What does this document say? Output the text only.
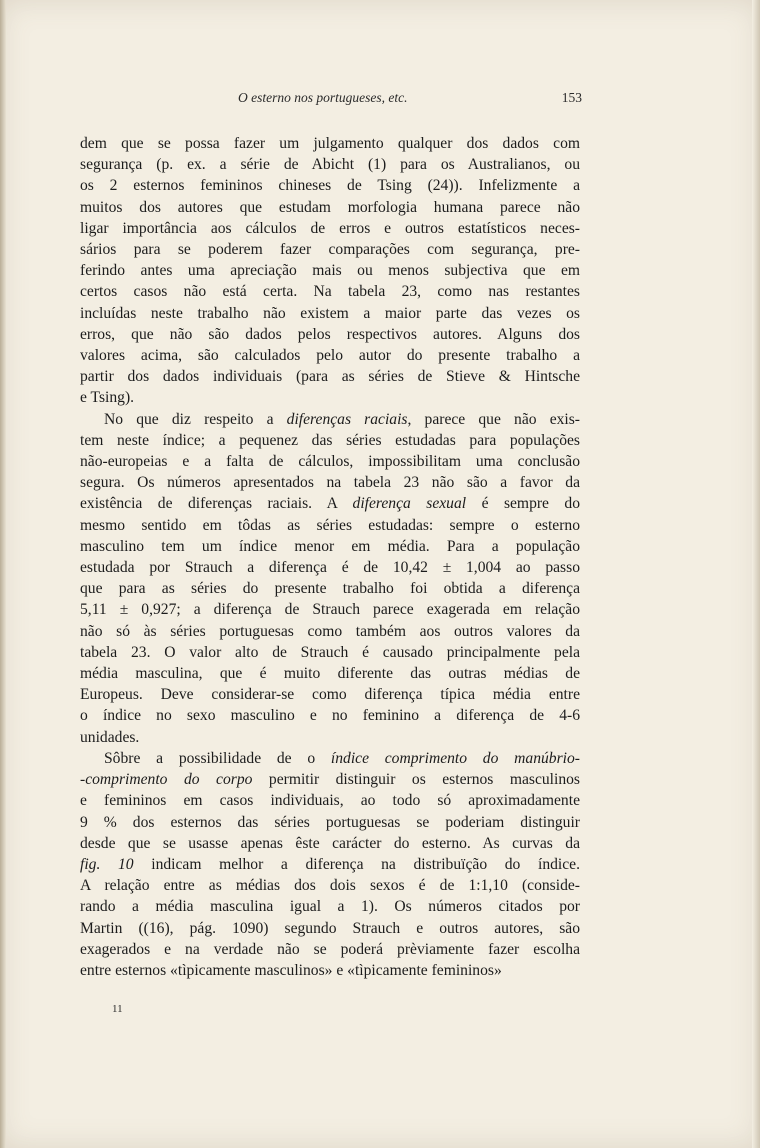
O esterno nos portugueses, etc.	153
dem que se possa fazer um julgamento qualquer dos dados com
segurança (p. ex. a série de Abicht (1) para os Australianos, ou
os 2 esternos femininos chineses de Tsing (24)). Infelizmente a
muitos dos autores que estudam morfologia humana parece não
ligar importância aos cálculos de erros e outros estatísticos neces-
sários para se poderem fazer comparações com segurança, pre-
ferindo antes uma apreciação mais ou menos subjectiva que em
certos casos não está certa. Na tabela 23, como nas restantes
incluídas neste trabalho não existem a maior parte das vezes os
erros, que não são dados pelos respectivos autores. Alguns dos
valores acima, são calculados pelo autor do presente trabalho a
partir dos dados individuais (para as séries de Stieve & Hintsche
e Tsing).
No que diz respeito a diferenças raciais, parece que não exis-
tem neste índice; a pequenez das séries estudadas para populações
não-europeias e a falta de cálculos, impossibilitam uma conclusão
segura. Os números apresentados na tabela 23 não são a favor da
existência de diferenças raciais. A diferença sexual é sempre do
mesmo sentido em tôdas as séries estudadas: sempre o esterno
masculino tem um índice menor em média. Para a população
estudada por Strauch a diferença é de 10,42 ± 1,004 ao passo
que para as séries do presente trabalho foi obtida a diferença
5,11 ± 0,927; a diferença de Strauch parece exagerada em relação
não só às séries portuguesas como também aos outros valores da
tabela 23. O valor alto de Strauch é causado principalmente pela
média masculina, que é muito diferente das outras médias de
Europeus. Deve considerar-se como diferença típica média entre
o índice no sexo masculino e no feminino a diferença de 4-6
unidades.
Sôbre a possibilidade de o índice comprimento do manúbrio-
-comprimento do corpo permitir distinguir os esternos masculinos
e femininos em casos individuais, ao todo só aproximadamente
9 % dos esternos das séries portuguesas se poderiam distinguir
desde que se usasse apenas êste carácter do esterno. As curvas da
fig. 10 indicam melhor a diferença na distribuïção do índice.
A relação entre as médias dos dois sexos é de 1:1,10 (conside-
rando a média masculina igual a 1). Os números citados por
Martin ((16), pág. 1090) segundo Strauch e outros autores, são
exagerados e na verdade não se poderá prèviamente fazer escolha
entre esternos «tìpicamente masculinos» e «tìpicamente femininos»
11
